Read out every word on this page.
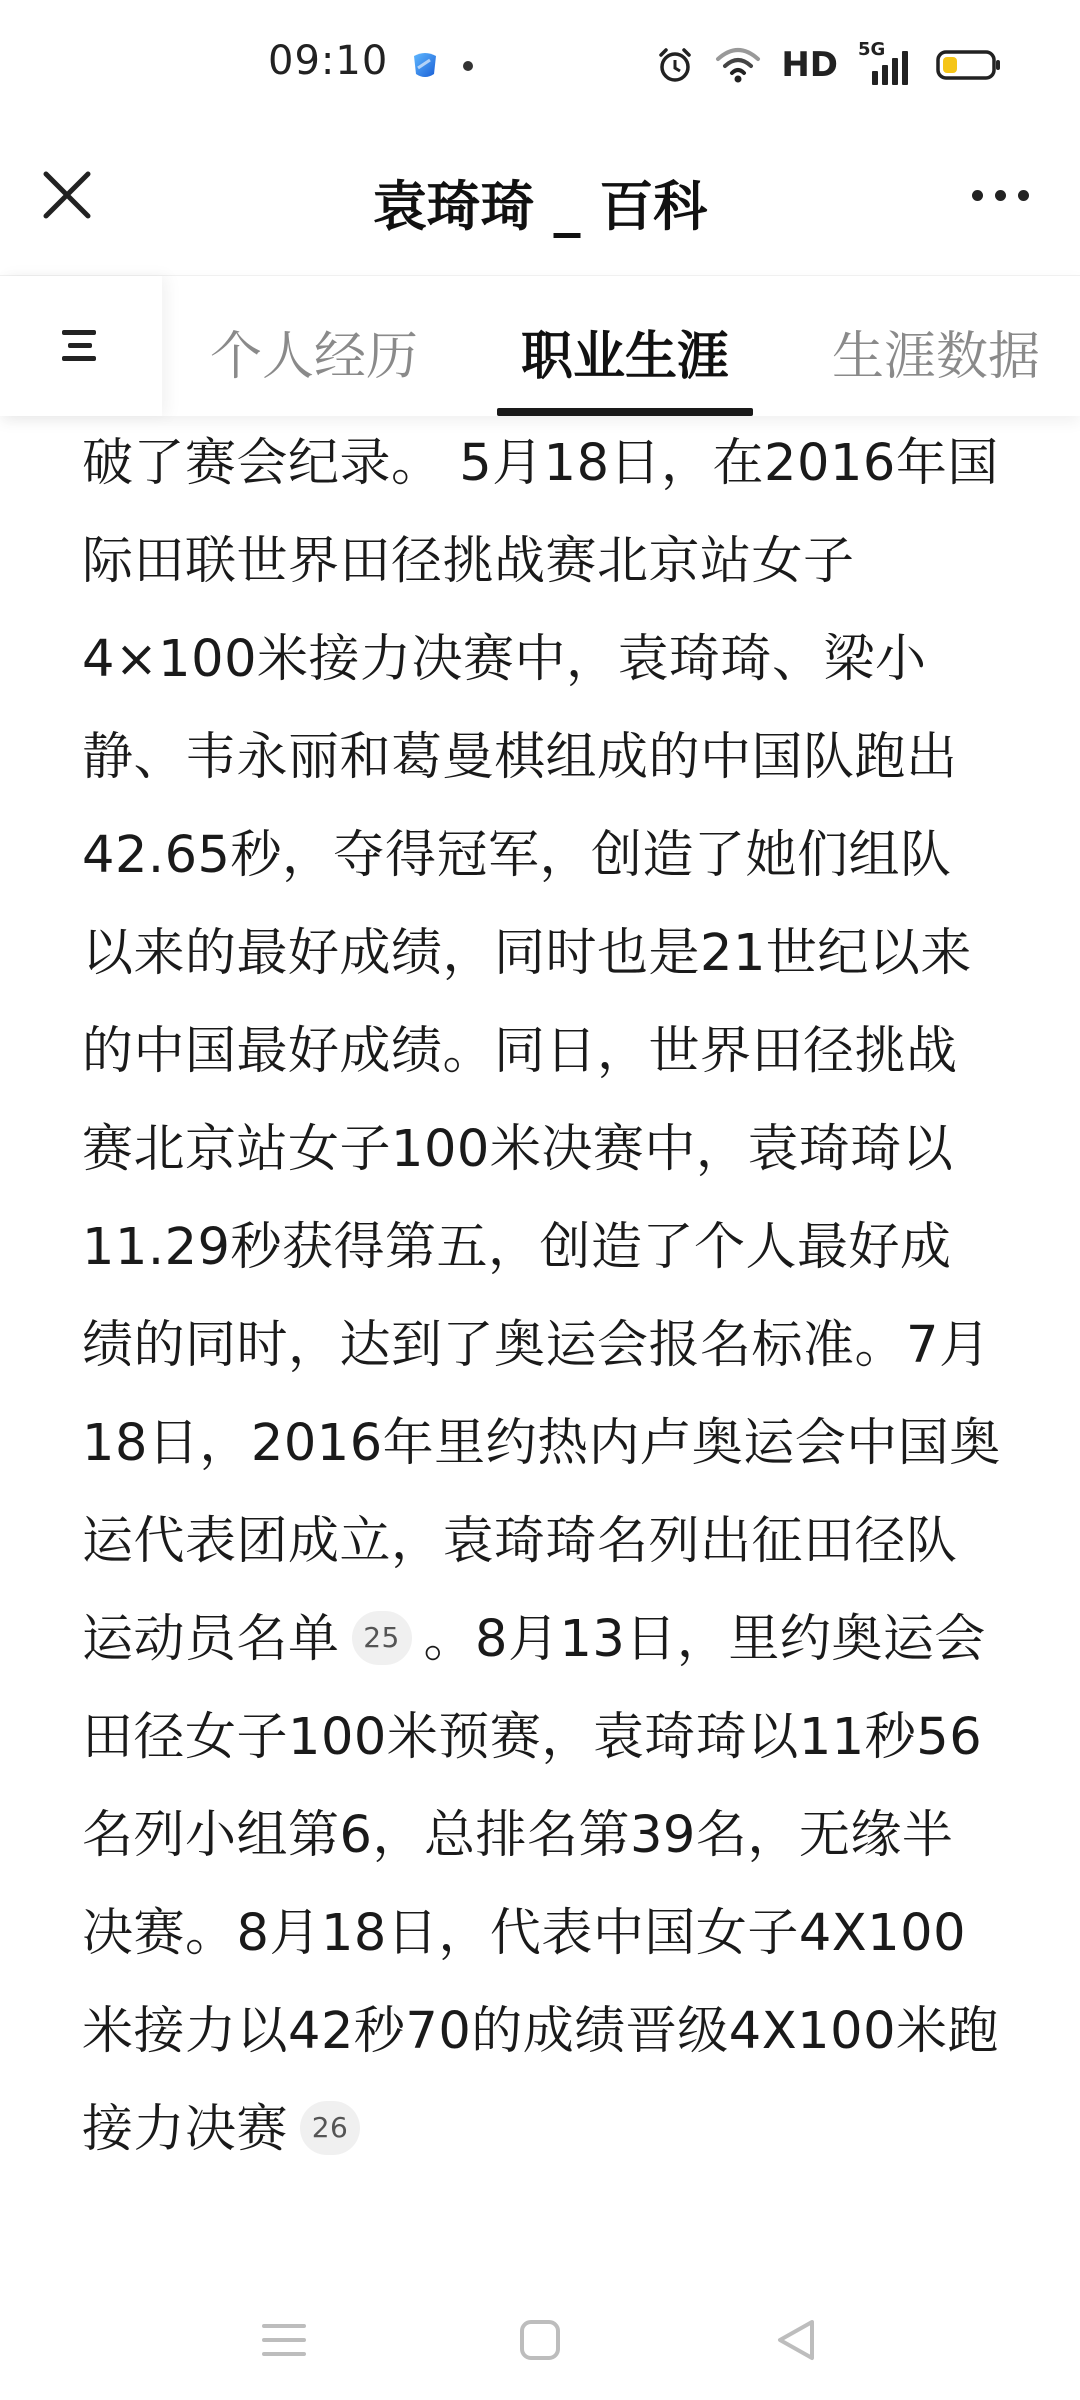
09:10	HD 5G
袁琦琦 _ 百科
个人经历 职业生涯 生涯数据

破了赛会纪录。 5月18日，在2016年国际田联世界田径挑战赛北京站女子4×100米接力决赛中，袁琦琦、梁小静、韦永丽和葛曼棋组成的中国队跑出42.65秒，夺得冠军，创造了她们组队以来的最好成绩，同时也是21世纪以来的中国最好成绩。同日，世界田径挑战赛北京站女子100米决赛中，袁琦琦以11.29秒获得第五，创造了个人最好成绩的同时，达到了奥运会报名标准。7月18日，2016年里约热内卢奥运会中国奥运代表团成立，袁琦琦名列出征田径队运动员名单 25 。8月13日，里约奥运会田径女子100米预赛，袁琦琦以11秒56名列小组第6，总排名第39名，无缘半决赛。8月18日，代表中国女子4X100米接力以42秒70的成绩晋级4X100米跑接力决赛 26
